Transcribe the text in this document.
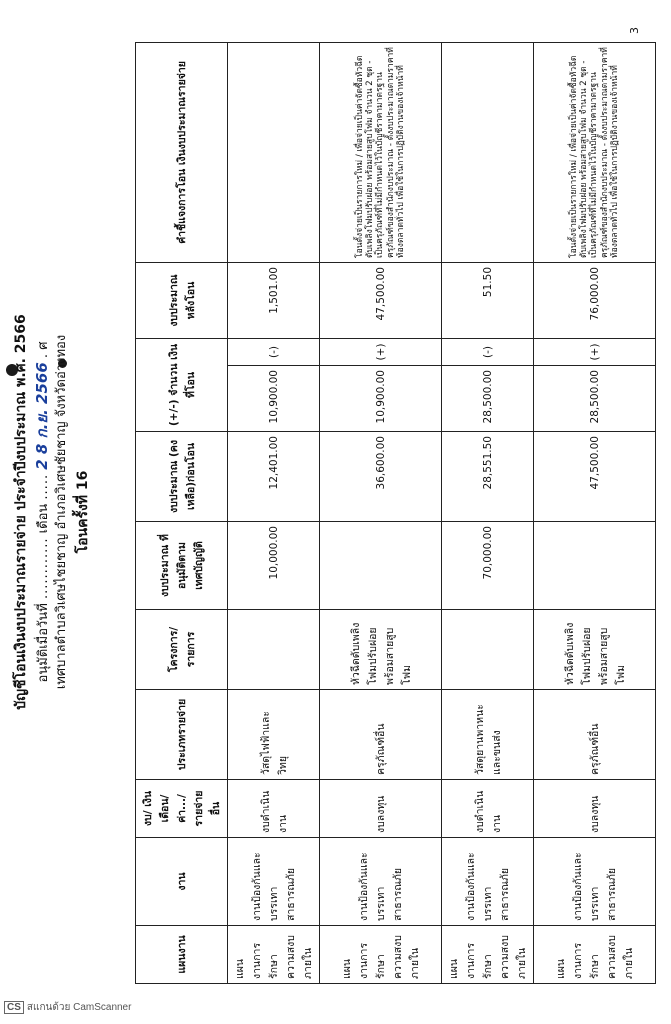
บัญชีโอนเงินงบประมาณรายจ่าย ประจำปีงบประมาณ พ.ศ. 2566 อนุมัติเมื่อวันที่ ............ เดือน ..... 2 8 ก.ย. 2566 . ศ เทศบาลตำบลวิเศษไชยชาญ อำเภอวิเศษชัยชาญ จังหวัดอ่างทอง โอนครั้งที่ 16
แผนงาน	งาน	งบ/ เงินเดือน/ ค่า.../ รายจ่ายอื่น	ประเภทรายจ่าย	โครงการ/ รายการ	งบประมาณ ที่อนุมัติตาม เทศบัญญัติ	งบประมาณ (คงเหลือ)ก่อนโอน	(+/-) จำนวน เงินที่โอน		งบประมาณ หลังโอน	คำชี้แจงการโอน เงินงบประมาณรายจ่าย
แผนงานการรักษาความสงบภายใน	งานป้องกันและบรรเทาสาธารณภัย	งบดำเนินงาน	วัสดุไฟฟ้าและวิทยุ		10,000.00	12,401.00	10,900.00	(-)	1,501.00	
แผนงานการรักษาความสงบภายใน	งานป้องกันและบรรเทาสาธารณภัย	งบลงทุน	ครุภัณฑ์อื่น	หัวฉีดดับเพลิงโฟมปรับฝอยพร้อมสายสูบโฟม		36,600.00	10,900.00	(+)	47,500.00	โอนตั้งจ่ายเป็นรายการใหม่ / เพื่อจ่ายเป็นค่าจัดซื้อหัวฉีดดับเพลิงโฟมปรับฝอย พร้อมสายสูบโฟม จำนวน 2 ชุด - เป็นครุภัณฑ์ที่ไม่มีกำหนดไว้ในบัญชีราคามาตรฐานครุภัณฑ์ของสำนักงบประมาณ - ตั้งงบประมาณตามราคาที่ท้องตลาดทั่วไป เพื่อใช้ในการปฏิบัติงานของเจ้าหน้าที่
แผนงานการรักษาความสงบภายใน	งานป้องกันและบรรเทาสาธารณภัย	งบดำเนินงาน	วัสดุยานพาหนะและขนส่ง		70,000.00	28,551.50	28,500.00	(-)	51.50	
แผนงานการรักษาความสงบภายใน	งานป้องกันและบรรเทาสาธารณภัย	งบลงทุน	ครุภัณฑ์อื่น	หัวฉีดดับเพลิงโฟมปรับฝอยพร้อมสายสูบโฟม		47,500.00	28,500.00	(+)	76,000.00	โอนตั้งจ่ายเป็นรายการใหม่ / เพื่อจ่ายเป็นค่าจัดซื้อหัวฉีดดับเพลิงโฟมปรับฝอย พร้อมสายสูบโฟม จำนวน 2 ชุด - เป็นครุภัณฑ์ที่ไม่มีกำหนดไว้ในบัญชีราคามาตรฐานครุภัณฑ์ของสำนักงบประมาณ - ตั้งงบประมาณตามราคาที่ท้องตลาดทั่วไป เพื่อใช้ในการปฏิบัติงานของเจ้าหน้าที่
3
CS สแกนด้วย CamScanner
